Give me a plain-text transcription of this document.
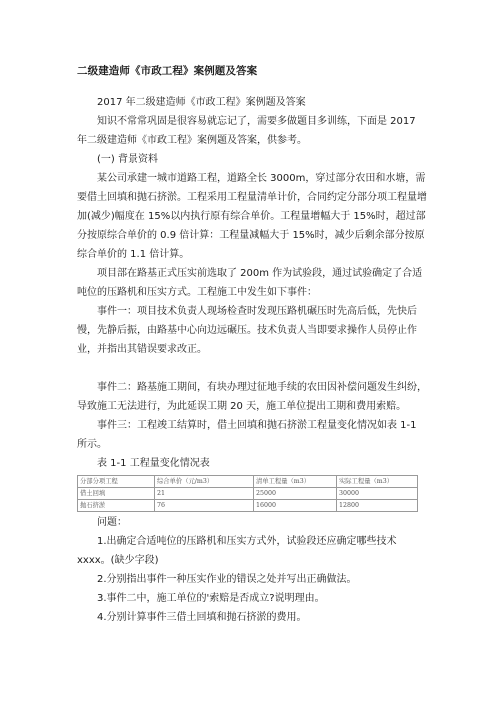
二级建造师《市政工程》案例题及答案

2017 年二级建造师《市政工程》案例题及答案

知识不常常巩固是很容易就忘记了，需要多做题目多训练，下面是 2017 年二级建造师《市政工程》案例题及答案，供参考。

(一) 背景资料

某公司承建一城市道路工程，道路全长 3000m，穿过部分农田和水塘，需要借土回填和抛石挤淤。工程采用工程量清单计价，合同约定分部分项工程量增加(减少)幅度在 15%以内执行原有综合单价。工程量增幅大于 15%时，超过部分按原综合单价的 0.9 倍计算：工程量减幅大于 15%时，减少后剩余部分按原综合单价的 1.1 倍计算。

项目部在路基正式压实前选取了 200m 作为试验段，通过试验确定了合适吨位的压路机和压实方式。工程施工中发生如下事件：

事件一：项目技术负责人现场检查时发现压路机碾压时先高后低，先快后慢，先静后振，由路基中心向边远碾压。技术负责人当即要求操作人员停止作业，并指出其错误要求改正。

事件二：路基施工期间，有块办理过征地手续的农田因补偿问题发生纠纷，导致施工无法进行，为此延误工期 20 天，施工单位提出工期和费用索赔。

事件三：工程竣工结算时，借土回填和抛石挤淤工程量变化情况如表 1-1 所示。

表 1-1 工程量变化情况表

分部分项工程	综合单价（元/m3）	清单工程量（m3）	实际工程量（m3）
借土回填	21	25000	30000
抛石挤淤	76	16000	12800

问题：

1.出确定合适吨位的压路机和压实方式外，试验段还应确定哪些技术 xxxx。(缺少字段)

2.分别指出事件一种压实作业的错误之处并写出正确做法。

3.事件二中，施工单位的'索赔是否成立?说明理由。

4.分别计算事件三借土回填和抛石挤淤的费用。
